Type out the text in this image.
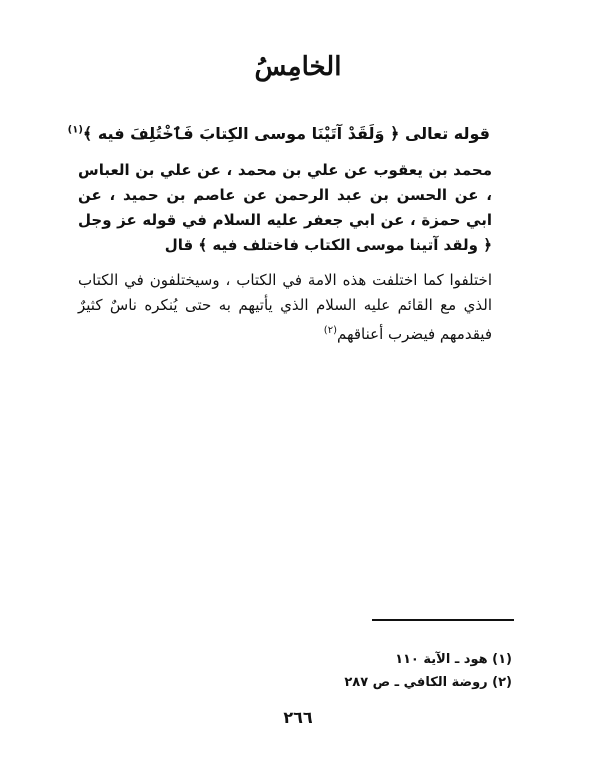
الخامِسُ
قوله تعالى ﴿ وَلَقَدْ آتَيْنَا موسى الكِتابَ فَٱخْتُلِفَ فيه ﴾$^{(١)}$
محمد بن يعقوب عن علي بن محمد ، عن علي بن العباس ، عن الحسن بن عبد الرحمن عن عاصم بن حميد ، عن ابي حمزة ، عن ابي جعفر عليه السلام في قوله عز وجل ﴿ ولقد آتينا موسى الكتاب فاختلف فيه ﴾ قال
اختلفوا كما اختلفت هذه الامة في الكتاب ، وسيختلفون في الكتاب الذي مع القائم عليه السلام الذي يأتيهم به حتى يُنكره ناسٌ كثيرٌ فيقدمهم فيضرب أعناقهم$^{(٢)}$
(١) هود ـ الآية ١١٠
(٢) روضة الكافي ـ ص ٢٨٧
٢٦٦
